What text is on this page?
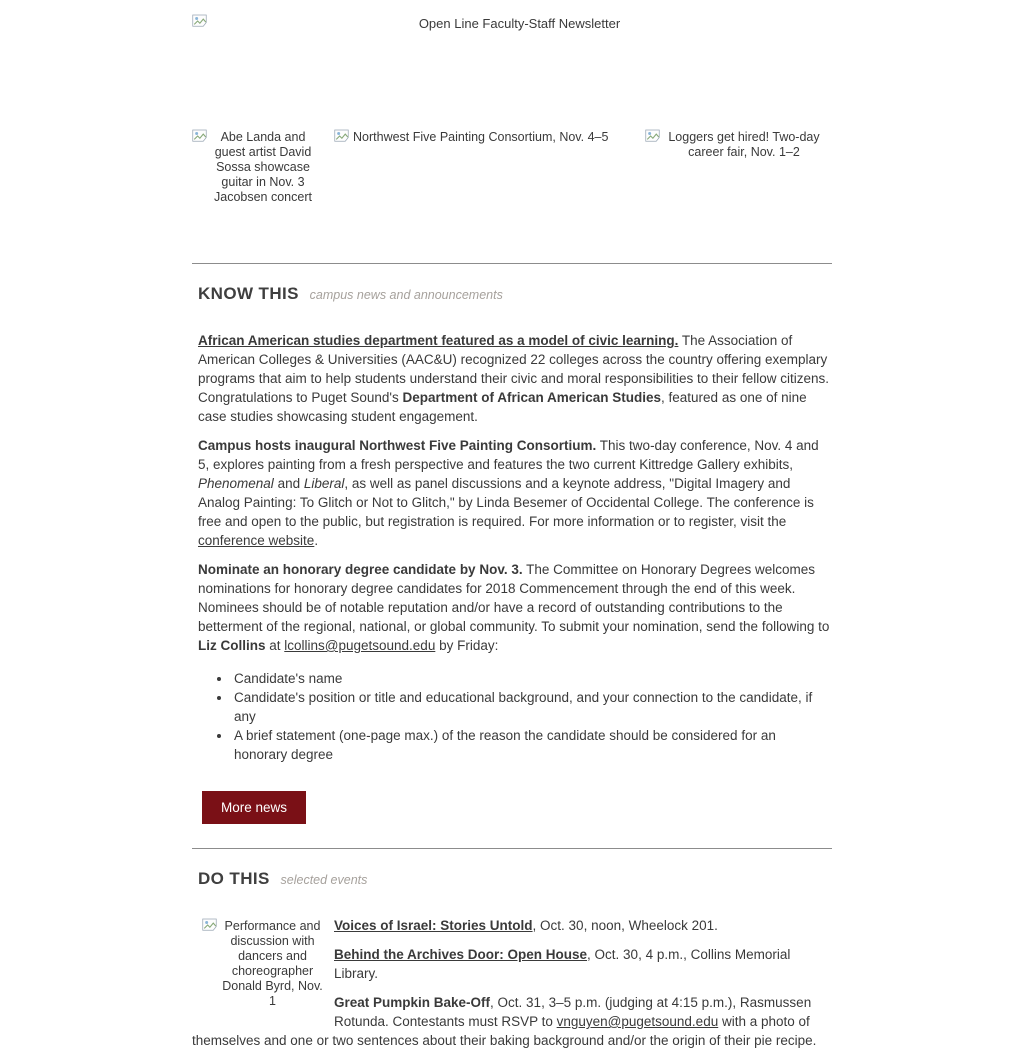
Open Line Faculty-Staff Newsletter
Abe Landa and guest artist David Sossa showcase guitar in Nov. 3 Jacobsen concert
Northwest Five Painting Consortium, Nov. 4–5	Loggers get hired! Two-day career fair, Nov. 1–2
KNOW THIS campus news and announcements

African American studies department featured as a model of civic learning. The Association of American Colleges & Universities (AAC&U) recognized 22 colleges across the country offering exemplary programs that aim to help students understand their civic and moral responsibilities to their fellow citizens. Congratulations to Puget Sound's Department of African American Studies, featured as one of nine case studies showcasing student engagement.

Campus hosts inaugural Northwest Five Painting Consortium. This two-day conference, Nov. 4 and 5, explores painting from a fresh perspective and features the two current Kittredge Gallery exhibits, Phenomenal and Liberal, as well as panel discussions and a keynote address, "Digital Imagery and Analog Painting: To Glitch or Not to Glitch," by Linda Besemer of Occidental College. The conference is free and open to the public, but registration is required. For more information or to register, visit the conference website.

Nominate an honorary degree candidate by Nov. 3. The Committee on Honorary Degrees welcomes nominations for honorary degree candidates for 2018 Commencement through the end of this week. Nominees should be of notable reputation and/or have a record of outstanding contributions to the betterment of the regional, national, or global community. To submit your nomination, send the following to Liz Collins at lcollins@pugetsound.edu by Friday:

• Candidate's name
• Candidate's position or title and educational background, and your connection to the candidate, if any
• A brief statement (one-page max.) of the reason the candidate should be considered for an honorary degree
More news
DO THIS selected events
Performance and discussion with dancers and choreographer Donald Byrd, Nov. 1

Voices of Israel: Stories Untold, Oct. 30, noon, Wheelock 201.

Behind the Archives Door: Open House, Oct. 30, 4 p.m., Collins Memorial Library.

Great Pumpkin Bake-Off, Oct. 31, 3–5 p.m. (judging at 4:15 p.m.), Rasmussen Rotunda. Contestants must RSVP to vnguyen@pugetsound.edu with a photo of themselves and one or two sentences about their baking background and/or the origin of their pie recipe.
